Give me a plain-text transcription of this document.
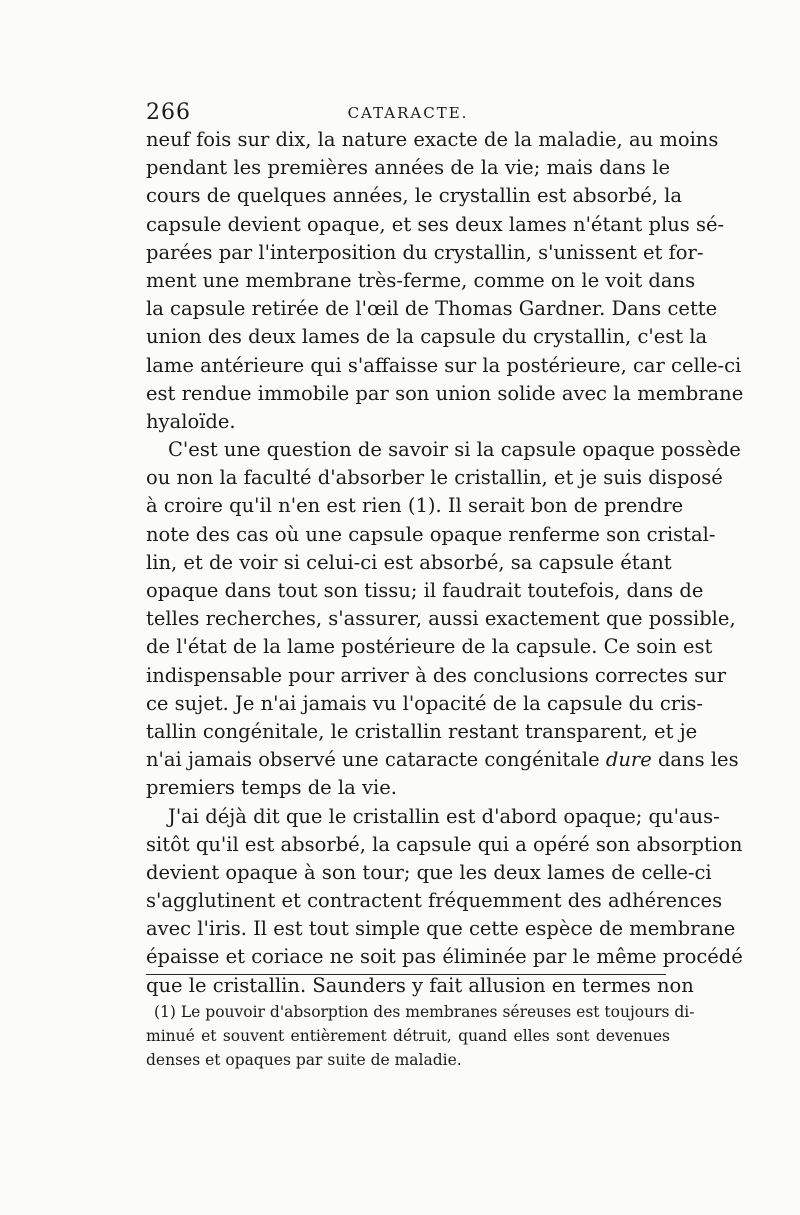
266	CATARACTE.
neuf fois sur dix, la nature exacte de la maladie, au moins
pendant les premières années de la vie; mais dans le
cours de quelques années, le crystallin est absorbé, la
capsule devient opaque, et ses deux lames n'étant plus sé-
parées par l'interposition du crystallin, s'unissent et for-
ment une membrane très-ferme, comme on le voit dans
la capsule retirée de l'œil de Thomas Gardner. Dans cette
union des deux lames de la capsule du crystallin, c'est la
lame antérieure qui s'affaisse sur la postérieure, car celle-ci
est rendue immobile par son union solide avec la membrane
hyaloïde.
C'est une question de savoir si la capsule opaque possède
ou non la faculté d'absorber le cristallin, et je suis disposé
à croire qu'il n'en est rien (1). Il serait bon de prendre
note des cas où une capsule opaque renferme son cristal-
lin, et de voir si celui-ci est absorbé, sa capsule étant
opaque dans tout son tissu; il faudrait toutefois, dans de
telles recherches, s'assurer, aussi exactement que possible,
de l'état de la lame postérieure de la capsule. Ce soin est
indispensable pour arriver à des conclusions correctes sur
ce sujet. Je n'ai jamais vu l'opacité de la capsule du cris-
tallin congénitale, le cristallin restant transparent, et je
n'ai jamais observé une cataracte congénitale dure dans les
premiers temps de la vie.
J'ai déjà dit que le cristallin est d'abord opaque; qu'aus-
sitôt qu'il est absorbé, la capsule qui a opéré son absorption
devient opaque à son tour; que les deux lames de celle-ci
s'agglutinent et contractent fréquemment des adhérences
avec l'iris. Il est tout simple que cette espèce de membrane
épaisse et coriace ne soit pas éliminée par le même procédé
que le cristallin. Saunders y fait allusion en termes non
(1) Le pouvoir d'absorption des membranes séreuses est toujours di-
minué et souvent entièrement détruit, quand elles sont devenues
denses et opaques par suite de maladie.
